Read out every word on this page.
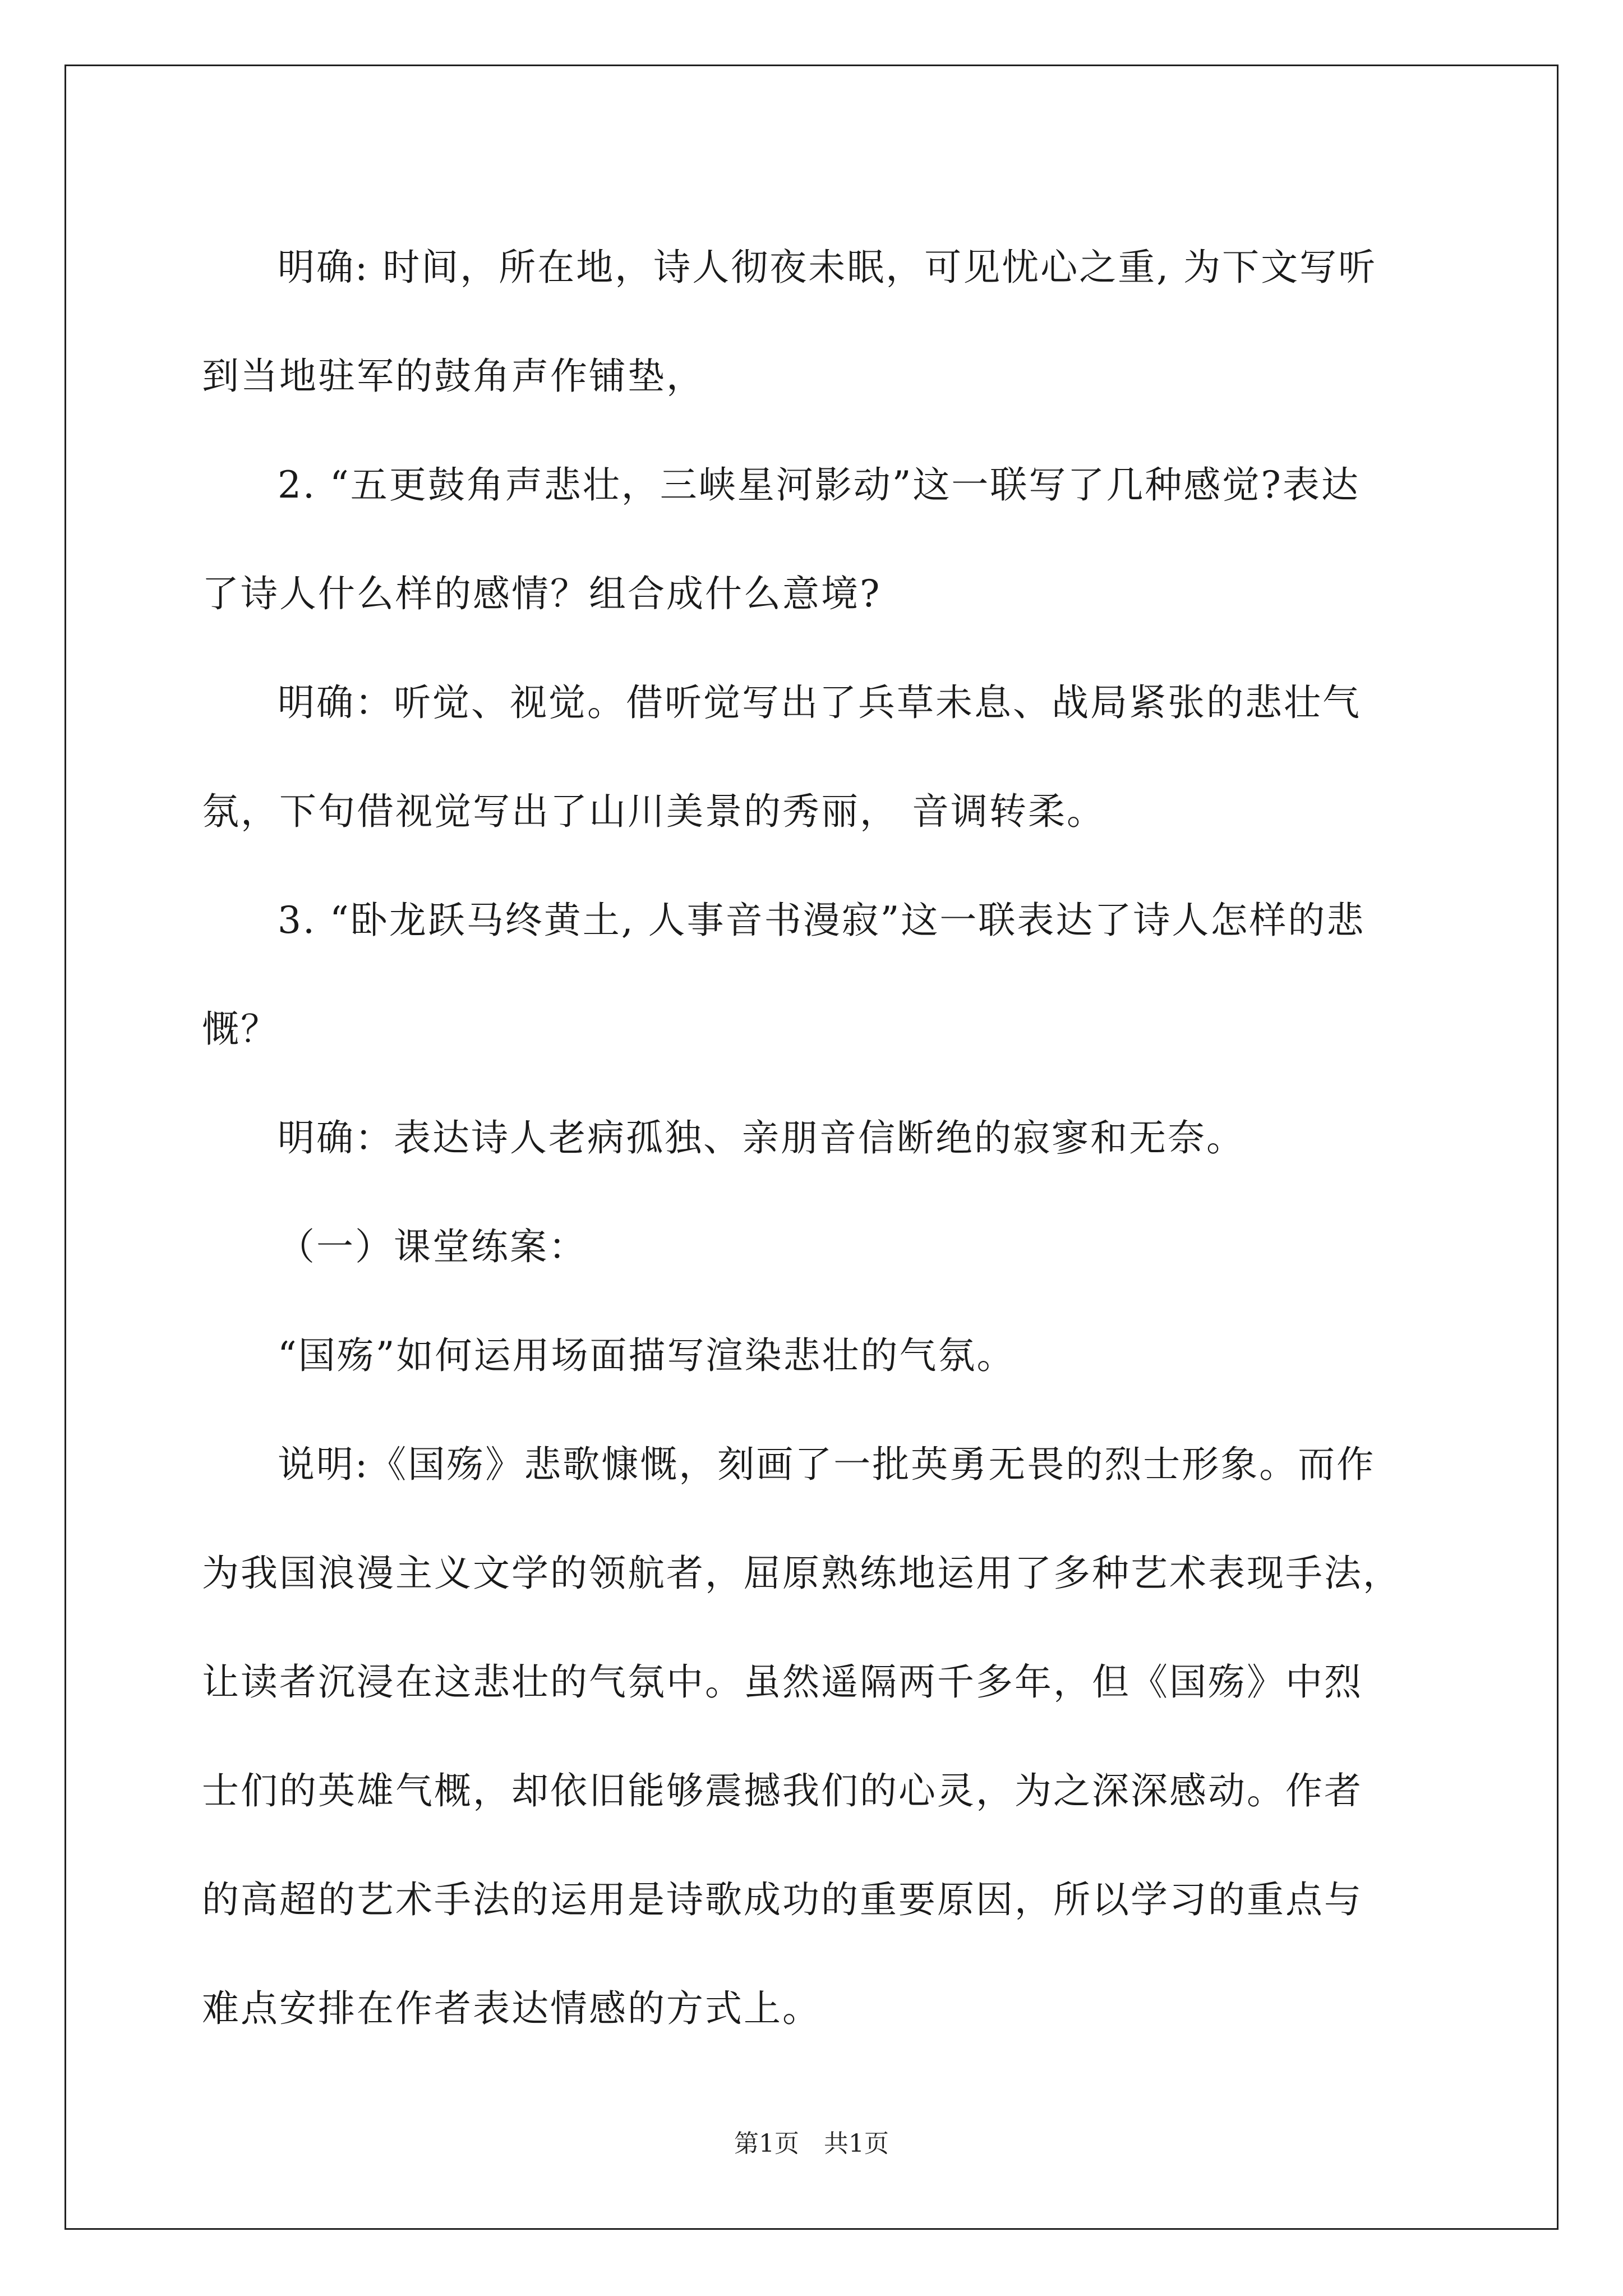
明确: 时间，所在地，诗人彻夜未眠，可见忧心之重, 为下文写听

到当地驻军的鼓角声作铺垫，

2. “五更鼓角声悲壮，三峡星河影动”这一联写了几种感觉?表达

了诗人什么样的感情？组合成什么意境?

明确：听觉、视觉。借听觉写出了兵草未息、战局紧张的悲壮气

氛，下句借视觉写出了山川美景的秀丽， 音调转柔。

3. “卧龙跃马终黄土, 人事音书漫寂”这一联表达了诗人怎样的悲

慨？

明确：表达诗人老病孤独、亲朋音信断绝的寂寥和无奈。

（一）课堂练案：

“国殇”如何运用场面描写渲染悲壮的气氛。

说明:《国殇》悲歌慷慨，刻画了一批英勇无畏的烈士形象。而作

为我国浪漫主义文学的领航者，屈原熟练地运用了多种艺术表现手法，

让读者沉浸在这悲壮的气氛中。虽然遥隔两千多年，但《国殇》中烈

士们的英雄气概，却依旧能够震撼我们的心灵，为之深深感动。作者

的高超的艺术手法的运用是诗歌成功的重要原因，所以学习的重点与

难点安排在作者表达情感的方式上。

第1页　共1页
